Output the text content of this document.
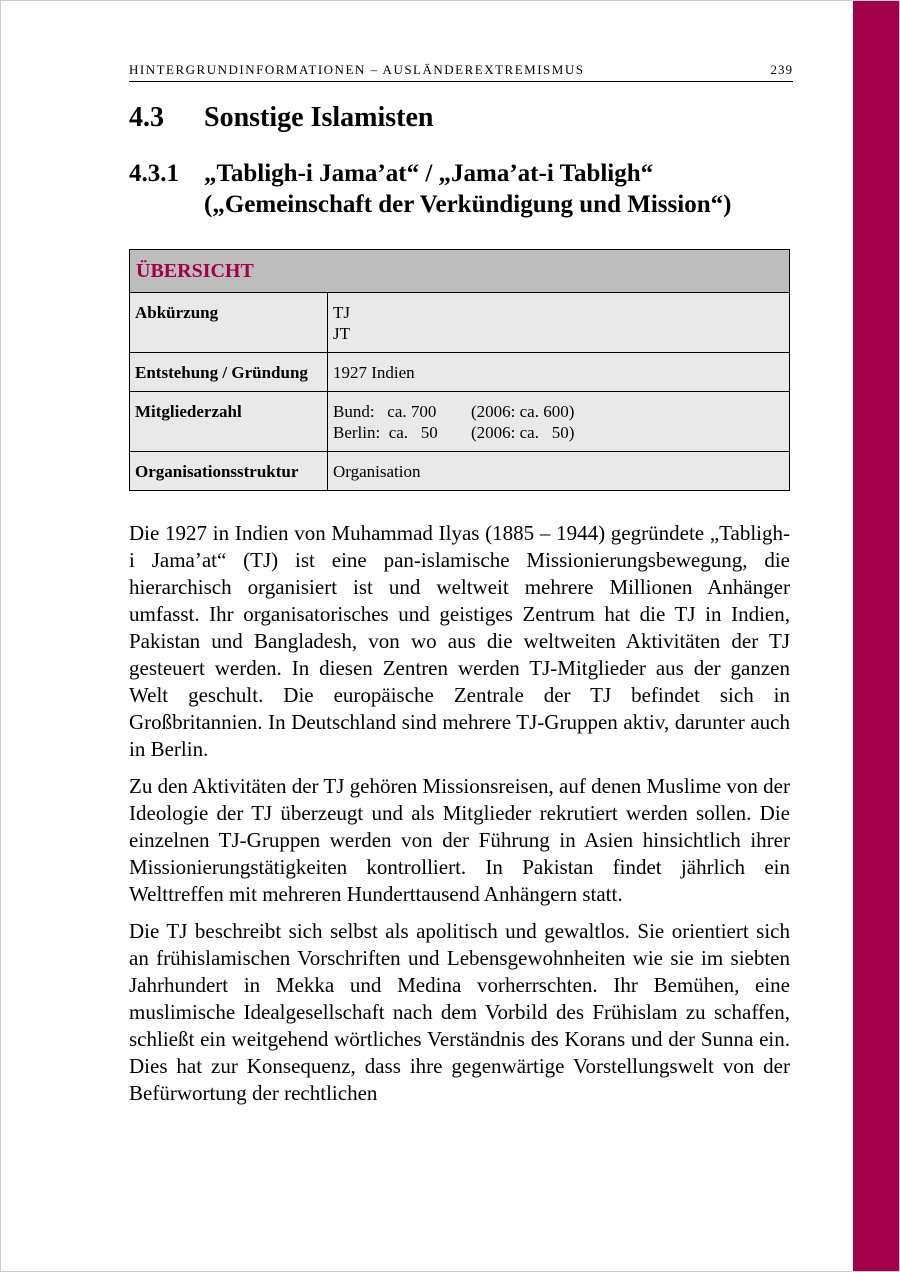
HINTERGRUNDINFORMATIONEN – AUSLÄNDEREXTREMISMUS	239
4.3 Sonstige Islamisten
4.3.1 „Tabligh-i Jama’at“ / „Jama’at-i Tabligh“
(„Gemeinschaft der Verkündigung und Mission“)
ÜBERSICHT	
Abkürzung	TJ
JT

Entstehung / Gründung	1927 Indien
Mitgliederzahl	Bund:   ca. 700 (2006: ca. 600)
Berlin:  ca.   50 (2006: ca.   50)

Organisationsstruktur	Organisation

Die 1927 in Indien von Muhammad Ilyas (1885 – 1944) gegründete „Tabligh-i Jama’at“ (TJ) ist eine pan-islamische Missionierungsbewegung, die hierarchisch organisiert ist und weltweit mehrere Millionen Anhänger umfasst. Ihr organisatorisches und geistiges Zentrum hat die TJ in Indien, Pakistan und Bangladesh, von wo aus die weltweiten Aktivitäten der TJ gesteuert werden. In diesen Zentren werden TJ-Mitglieder aus der ganzen Welt geschult. Die europäische Zentrale der TJ befindet sich in Großbritannien. In Deutschland sind mehrere TJ-Gruppen aktiv, darunter auch in Berlin.

Zu den Aktivitäten der TJ gehören Missionsreisen, auf denen Muslime von der Ideologie der TJ überzeugt und als Mitglieder rekrutiert werden sollen. Die einzelnen TJ-Gruppen werden von der Führung in Asien hinsichtlich ihrer Missionierungstätigkeiten kontrolliert. In Pakistan findet jährlich ein Welttreffen mit mehreren Hunderttausend Anhängern statt.

Die TJ beschreibt sich selbst als apolitisch und gewaltlos. Sie orientiert sich an frühislamischen Vorschriften und Lebensgewohnheiten wie sie im siebten Jahrhundert in Mekka und Medina vorherrschten. Ihr Bemühen, eine muslimische Idealgesellschaft nach dem Vorbild des Frühislam zu schaffen, schließt ein weitgehend wörtliches Verständnis des Korans und der Sunna ein. Dies hat zur Konsequenz, dass ihre gegenwärtige Vorstellungswelt von der Befürwortung der rechtlichen
